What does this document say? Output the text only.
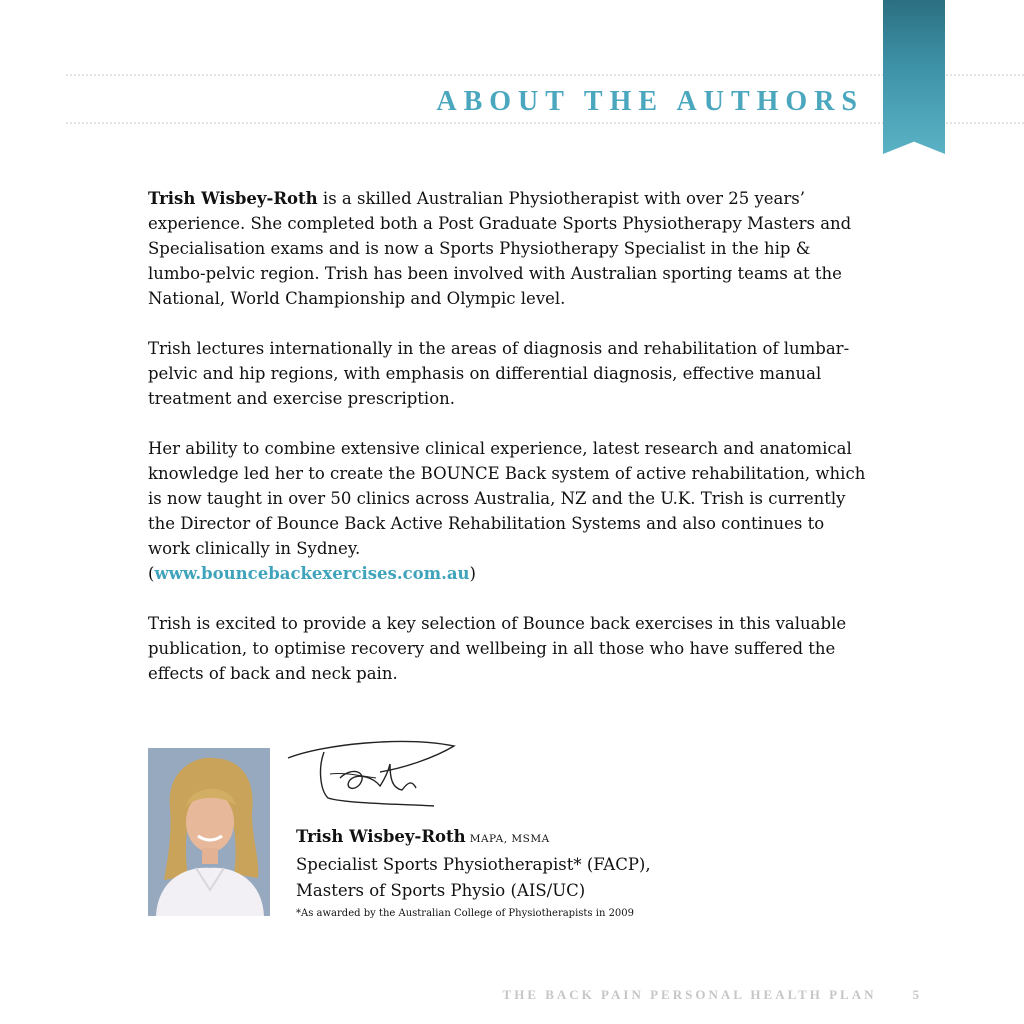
ABOUT THE AUTHORS

Trish Wisbey-Roth is a skilled Australian Physiotherapist with over 25 years’ experience. She completed both a Post Graduate Sports Physiotherapy Masters and Specialisation exams and is now a Sports Physiotherapy Specialist in the hip & lumbo-pelvic region. Trish has been involved with Australian sporting teams at the National, World Championship and Olympic level.

Trish lectures internationally in the areas of diagnosis and rehabilitation of lumbar-pelvic and hip regions, with emphasis on differential diagnosis, effective manual treatment and exercise prescription.

Her ability to combine extensive clinical experience, latest research and anatomical knowledge led her to create the BOUNCE Back system of active rehabilitation, which is now taught in over 50 clinics across Australia, NZ and the U.K. Trish is currently the Director of Bounce Back Active Rehabilitation Systems and also continues to work clinically in Sydney.
(www.bouncebackexercises.com.au)

Trish is excited to provide a key selection of Bounce back exercises in this valuable publication, to optimise recovery and wellbeing in all those who have suffered the effects of back and neck pain.

Trish Wisbey-Roth MAPA, MSMA
Specialist Sports Physiotherapist* (FACP),
Masters of Sports Physio (AIS/UC)
*As awarded by the Australian College of Physiotherapists in 2009
THE BACK PAIN PERSONAL HEALTH PLAN	5
